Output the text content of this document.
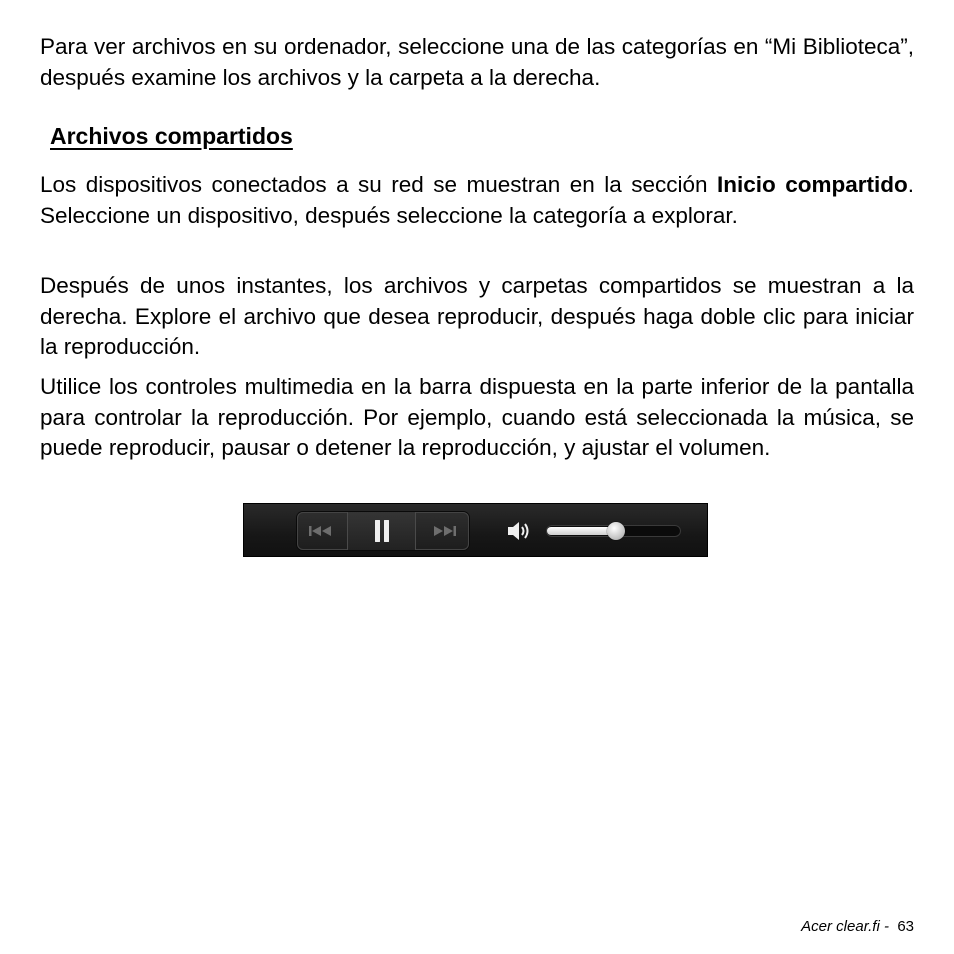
Para ver archivos en su ordenador, seleccione una de las categorías en “Mi Biblioteca”, después examine los archivos y la carpeta a la derecha.

Archivos compartidos

Los dispositivos conectados a su red se muestran en la sección Inicio compartido. Seleccione un dispositivo, después seleccione la categoría a explorar.

Después de unos instantes, los archivos y carpetas compartidos se muestran a la derecha. Explore el archivo que desea reproducir, después haga doble clic para iniciar la reproducción.

Utilice los controles multimedia en la barra dispuesta en la parte inferior de la pantalla para controlar la reproducción. Por ejemplo, cuando está seleccionada la música, se puede reproducir, pausar o detener la reproducción, y ajustar el volumen.

Acer clear.fi - 63
